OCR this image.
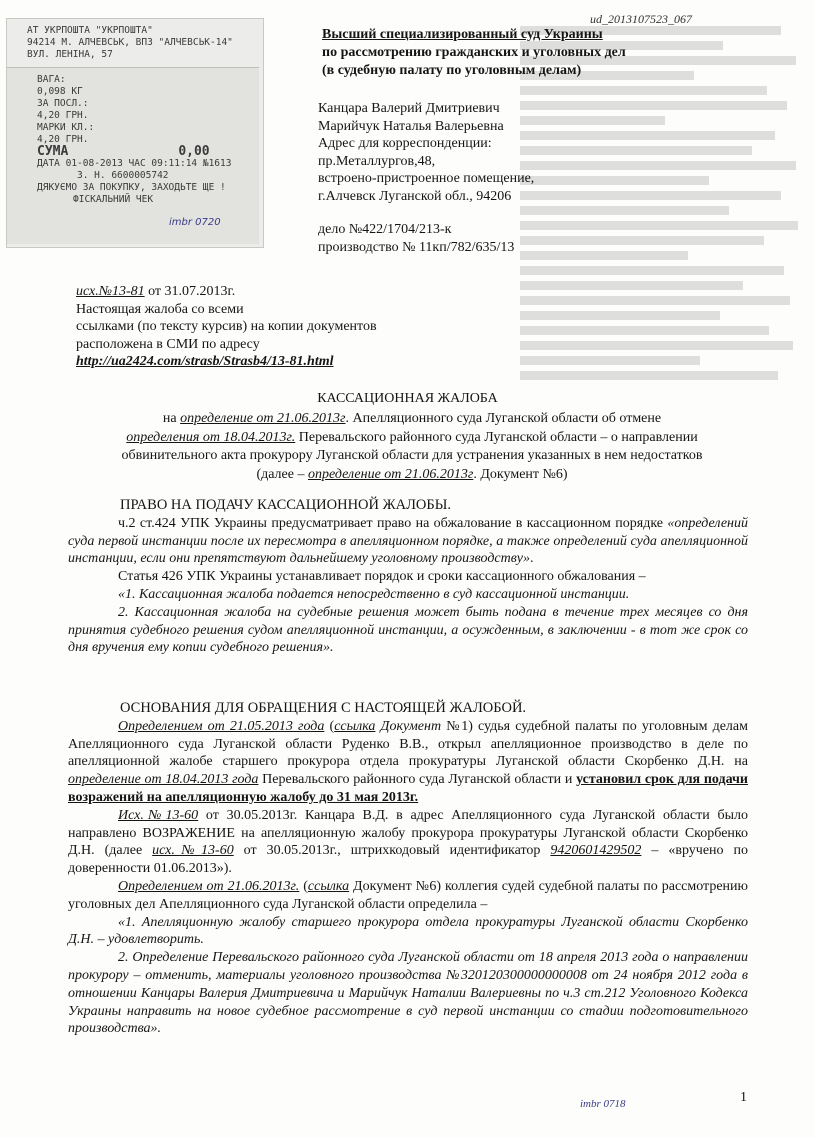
АТ УКРПОШТА "УКРПОШТА"
94214 М. АЛЧЕВСЬК, ВПЗ "АЛЧЕВСЬК-14"
ВУЛ. ЛЕНІНА, 57
ВАГА:
0,098 КГ
ЗА ПОСЛ.:
4,20 ГРН.
МАРКИ КЛ.:
4,20 ГРН.
СУМА	0,00
ДАТА 01-08-2013 ЧАС 09:11:14 №1613
3. Н. 6600005742
ДЯКУЄМО ЗА ПОКУПКУ, ЗАХОДЬТЕ ЩЕ !
ФІСКАЛЬНИЙ ЧЕК
imbr 0720
ud_2013107523_067
Высший специализированный суд Украины
по рассмотрению гражданских и уголовных дел
(в судебную палату по уголовным делам)
Канцара Валерий Дмитриевич
Марийчук Наталья Валерьевна
Адрес для корреспонденции:
пр.Металлургов,48,
встроено-пристроенное помещение,
г.Алчевск Луганской обл., 94206
дело №422/1704/213-к
производство № 11кп/782/635/13
исх.№13-81 от 31.07.2013г.
Настоящая жалоба со всеми
ссылками (по тексту курсив) на копии документов
расположена в СМИ по адресу
http://ua2424.com/strasb/Strasb4/13-81.html
КАССАЦИОННАЯ ЖАЛОБА
на определение от 21.06.2013г. Апелляционного суда Луганской области об отмене
определения от 18.04.2013г. Перевальского районного суда Луганской области – о направлении
обвинительного акта прокурору Луганской области для устранения указанных в нем недостатков
(далее – определение от 21.06.2013г. Документ №6)
ПРАВО НА ПОДАЧУ КАССАЦИОННОЙ ЖАЛОБЫ.
ч.2 ст.424 УПК Украины предусматривает право на обжалование в кассационном порядке «определений суда первой инстанции после их пересмотра в апелляционном порядке, а также определений суда апелляционной инстанции, если они препятствуют дальнейшему уголовному производству».
Статья 426 УПК Украины устанавливает порядок и сроки кассационного обжалования –
«1. Кассационная жалоба подается непосредственно в суд кассационной инстанции.
2. Кассационная жалоба на судебные решения может быть подана в течение трех месяцев со дня принятия судебного решения судом апелляционной инстанции, а осужденным, в заключении - в тот же срок со дня вручения ему копии судебного решения».
ОСНОВАНИЯ ДЛЯ ОБРАЩЕНИЯ С НАСТОЯЩЕЙ ЖАЛОБОЙ.
Определением от 21.05.2013 года (ссылка Документ №1) судья судебной палаты по уголовным делам Апелляционного суда Луганской области Руденко В.В., открыл апелляционное производство в деле по апелляционной жалобе старшего прокурора отдела прокуратуры Луганской области Скорбенко Д.Н. на определение от 18.04.2013 года Перевальского районного суда Луганской области и установил срок для подачи возражений на апелляционную жалобу до 31 мая 2013г.
Исх.№13-60 от 30.05.2013г. Канцара В.Д. в адрес Апелляционного суда Луганской области было направлено ВОЗРАЖЕНИЕ на апелляционную жалобу прокурора прокуратуры Луганской области Скорбенко Д.Н. (далее исх.№13-60 от 30.05.2013г., штрихкодовый идентификатор 9420601429502 – «вручено по доверенности 01.06.2013»).
Определением от 21.06.2013г. (ссылка Документ №6) коллегия судей судебной палаты по рассмотрению уголовных дел Апелляционного суда Луганской области определила –
«1. Апелляционную жалобу старшего прокурора отдела прокуратуры Луганской области Скорбенко Д.Н. – удовлетворить.
2. Определение Перевальского районного суда Луганской области от 18 апреля 2013 года о направлении прокурору – отменить, материалы уголовного производства №320120300000000008 от 24 ноября 2012 года в отношении Канцары Валерия Дмитриевича и Марийчук Наталии Валериевны по ч.3 ст.212 Уголовного Кодекса Украины направить на новое судебное рассмотрение в суд первой инстанции со стадии подготовительного производства».
imbr 0718	1
